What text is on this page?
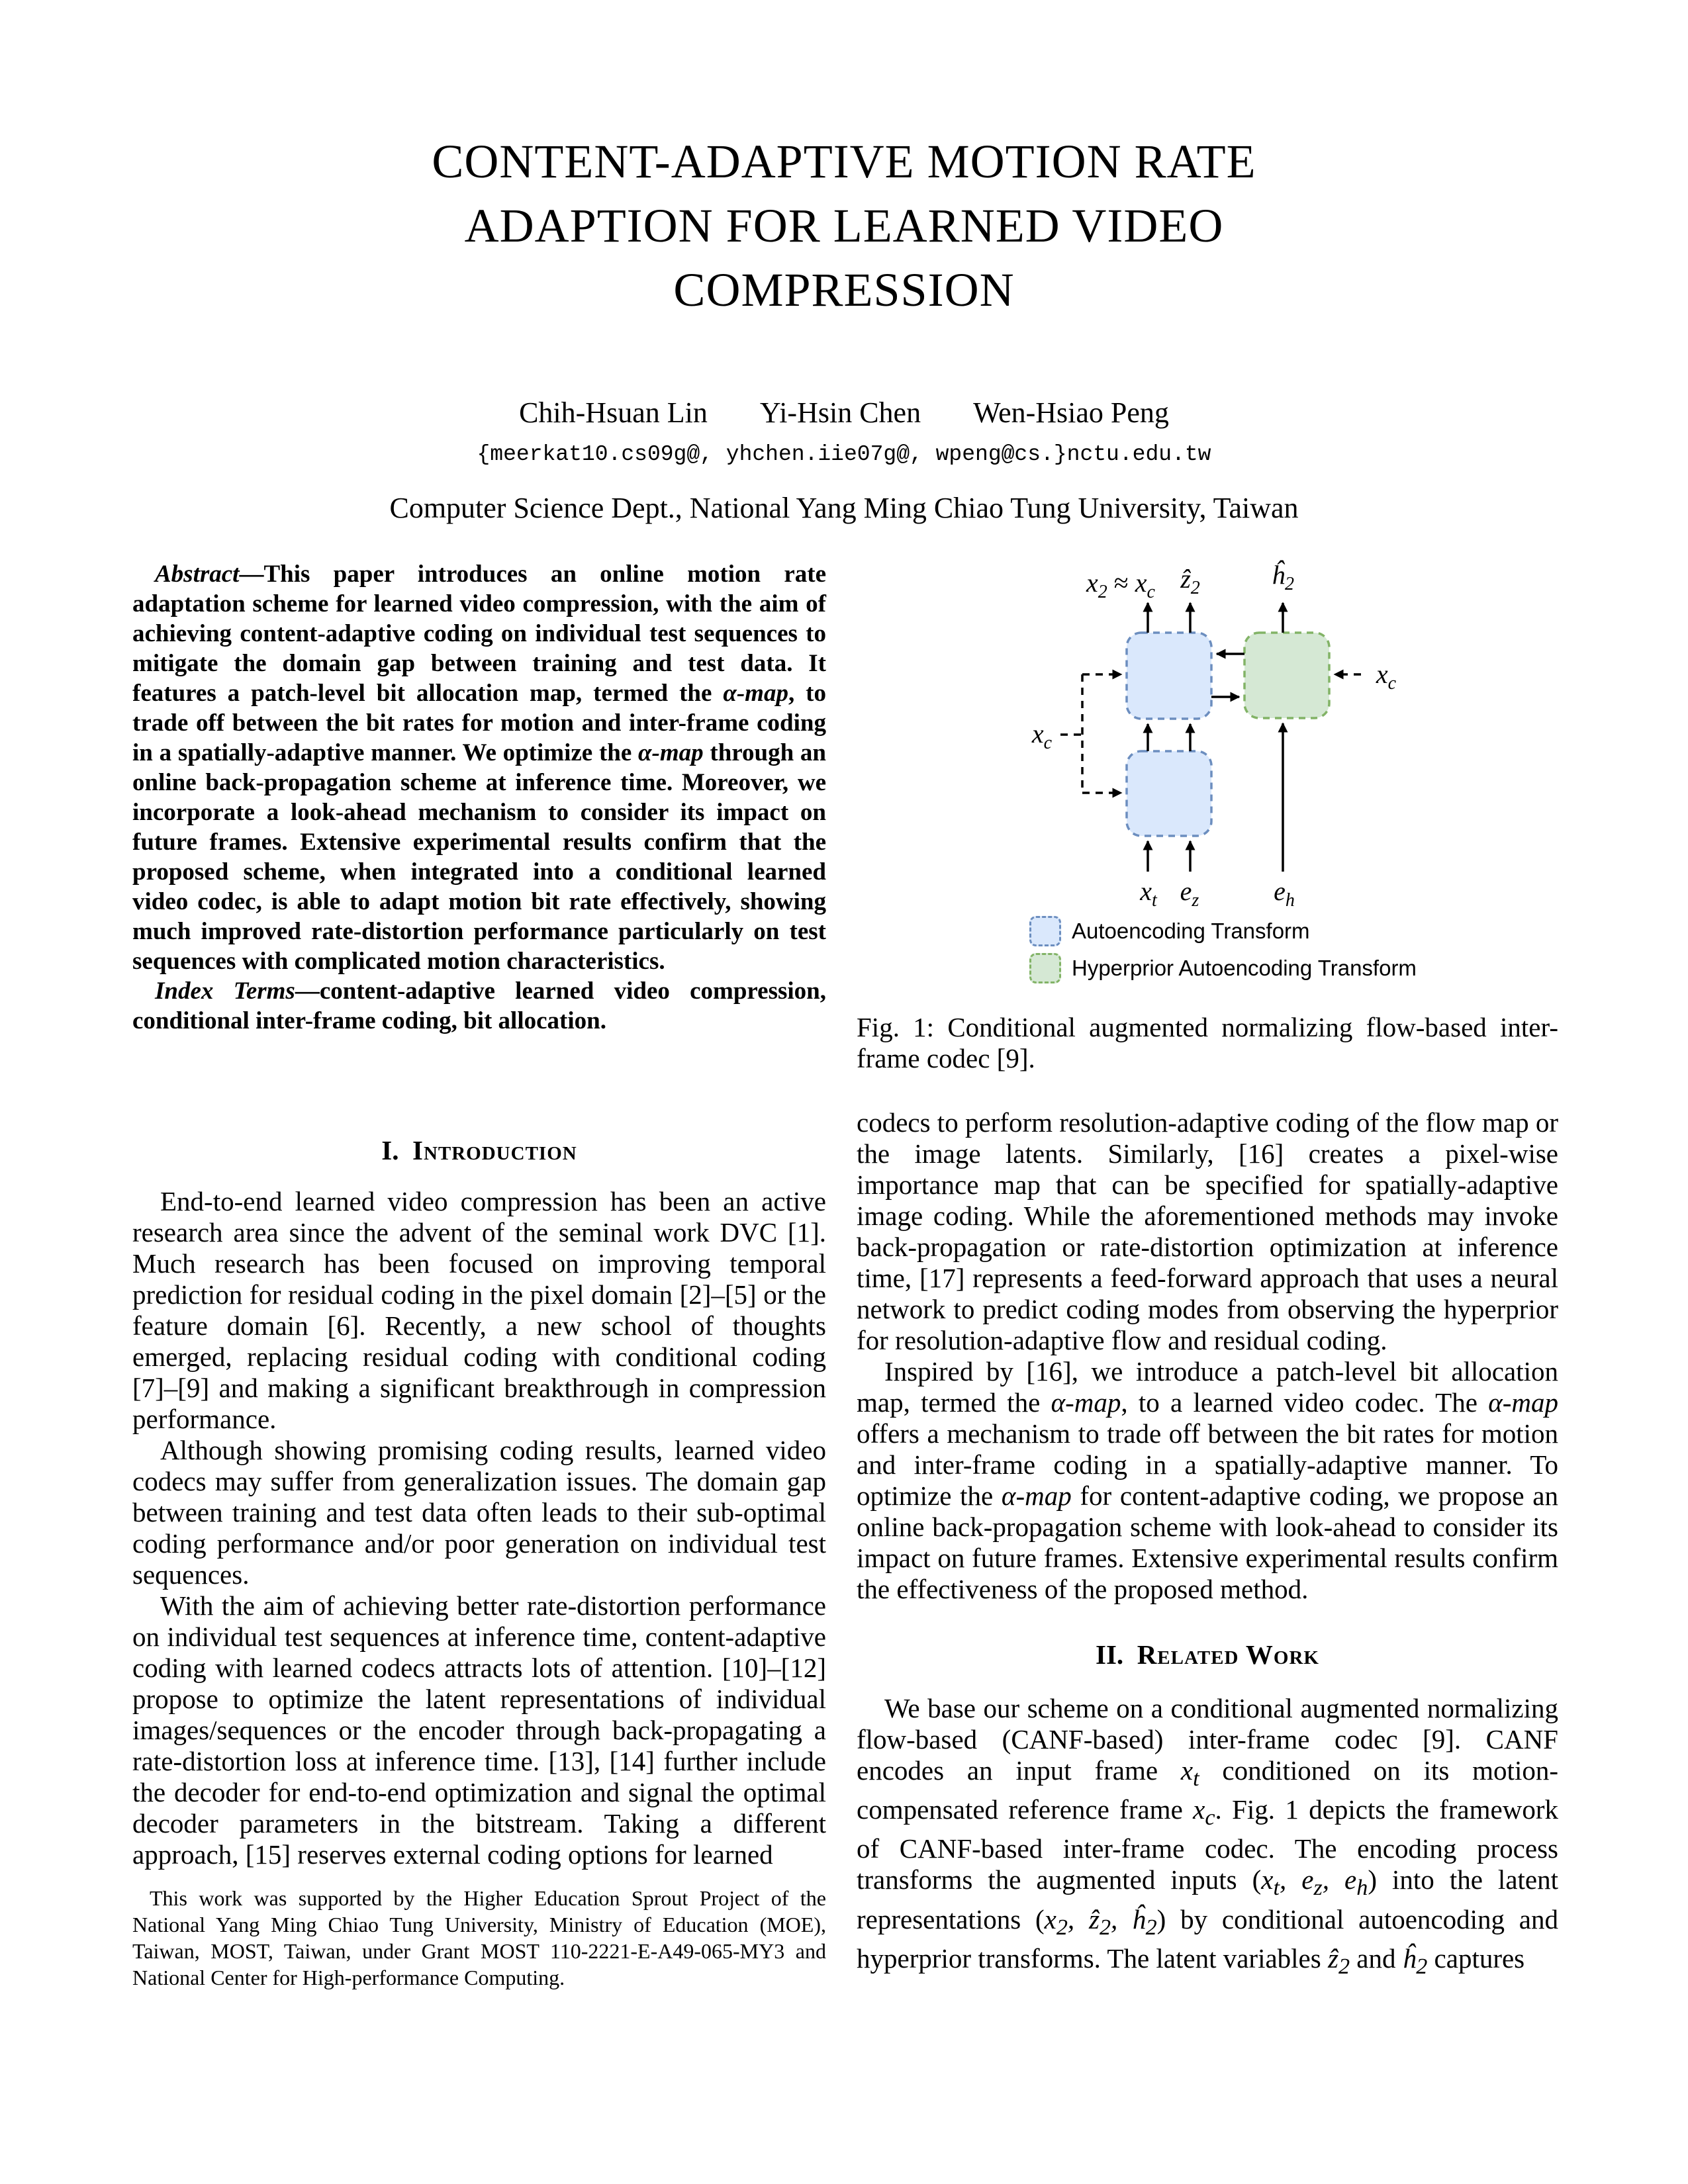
CONTENT-ADAPTIVE MOTION RATE
ADAPTION FOR LEARNED VIDEO
COMPRESSION
Chih-Hsuan Lin Yi-Hsin Chen Wen-Hsiao Peng
{meerkat10.cs09g@, yhchen.iie07g@, wpeng@cs.}nctu.edu.tw
Computer Science Dept., National Yang Ming Chiao Tung University, Taiwan

Abstract—This paper introduces an online motion rate adaptation scheme for learned video compression, with the aim of achieving content-adaptive coding on individual test sequences to mitigate the domain gap between training and test data. It features a patch-level bit allocation map, termed the α-map, to trade off between the bit rates for motion and inter-frame coding in a spatially-adaptive manner. We optimize the α-map through an online back-propagation scheme at inference time. Moreover, we incorporate a look-ahead mechanism to consider its impact on future frames. Extensive experimental results confirm that the proposed scheme, when integrated into a conditional learned video codec, is able to adapt motion bit rate effectively, showing much improved rate-distortion performance particularly on test sequences with complicated motion characteristics.

Index Terms—content-adaptive learned video compression, conditional inter-frame coding, bit allocation.

I. Introduction

End-to-end learned video compression has been an active research area since the advent of the seminal work DVC [1]. Much research has been focused on improving temporal prediction for residual coding in the pixel domain [2]–[5] or the feature domain [6]. Recently, a new school of thoughts emerged, replacing residual coding with conditional coding [7]–[9] and making a significant breakthrough in compression performance.

Although showing promising coding results, learned video codecs may suffer from generalization issues. The domain gap between training and test data often leads to their sub-optimal coding performance and/or poor generation on individual test sequences.

With the aim of achieving better rate-distortion performance on individual test sequences at inference time, content-adaptive coding with learned codecs attracts lots of attention. [10]–[12] propose to optimize the latent representations of individual images/sequences or the encoder through back-propagating a rate-distortion loss at inference time. [13], [14] further include the decoder for end-to-end optimization and signal the optimal decoder parameters in the bitstream. Taking a different approach, [15] reserves external coding options for learned

This work was supported by the Higher Education Sprout Project of the National Yang Ming Chiao Tung University, Ministry of Education (MOE), Taiwan, MOST, Taiwan, under Grant MOST 110-2221-E-A49-065-MY3 and National Center for High-performance Computing.
$x_2 \approx x_c$ ẑ$_2$	$ĥ_2$
$x_c$
$x_c$
$x_t$ $e_z$	$e_h$
Autoencoding Transform
Hyperprior Autoencoding Transform

Fig. 1: Conditional augmented normalizing flow-based inter-frame codec [9].

codecs to perform resolution-adaptive coding of the flow map or the image latents. Similarly, [16] creates a pixel-wise importance map that can be specified for spatially-adaptive image coding. While the aforementioned methods may invoke back-propagation or rate-distortion optimization at inference time, [17] represents a feed-forward approach that uses a neural network to predict coding modes from observing the hyperprior for resolution-adaptive flow and residual coding.

Inspired by [16], we introduce a patch-level bit allocation map, termed the α-map, to a learned video codec. The α-map offers a mechanism to trade off between the bit rates for motion and inter-frame coding in a spatially-adaptive manner. To optimize the α-map for content-adaptive coding, we propose an online back-propagation scheme with look-ahead to consider its impact on future frames. Extensive experimental results confirm the effectiveness of the proposed method.

II. Related Work

We base our scheme on a conditional augmented normalizing flow-based (CANF-based) inter-frame codec [9]. CANF encodes an input frame $x_t$ conditioned on its motion-compensated reference frame $x_c$. Fig. 1 depicts the framework of CANF-based inter-frame codec. The encoding process transforms the augmented inputs ($x_t$, $e_z$, $e_h$) into the latent representations ($x_2$, ẑ$_2$, $ĥ_2$) by conditional autoencoding and hyperprior transforms. The latent variables ẑ$_2$ and $ĥ_2$ captures
